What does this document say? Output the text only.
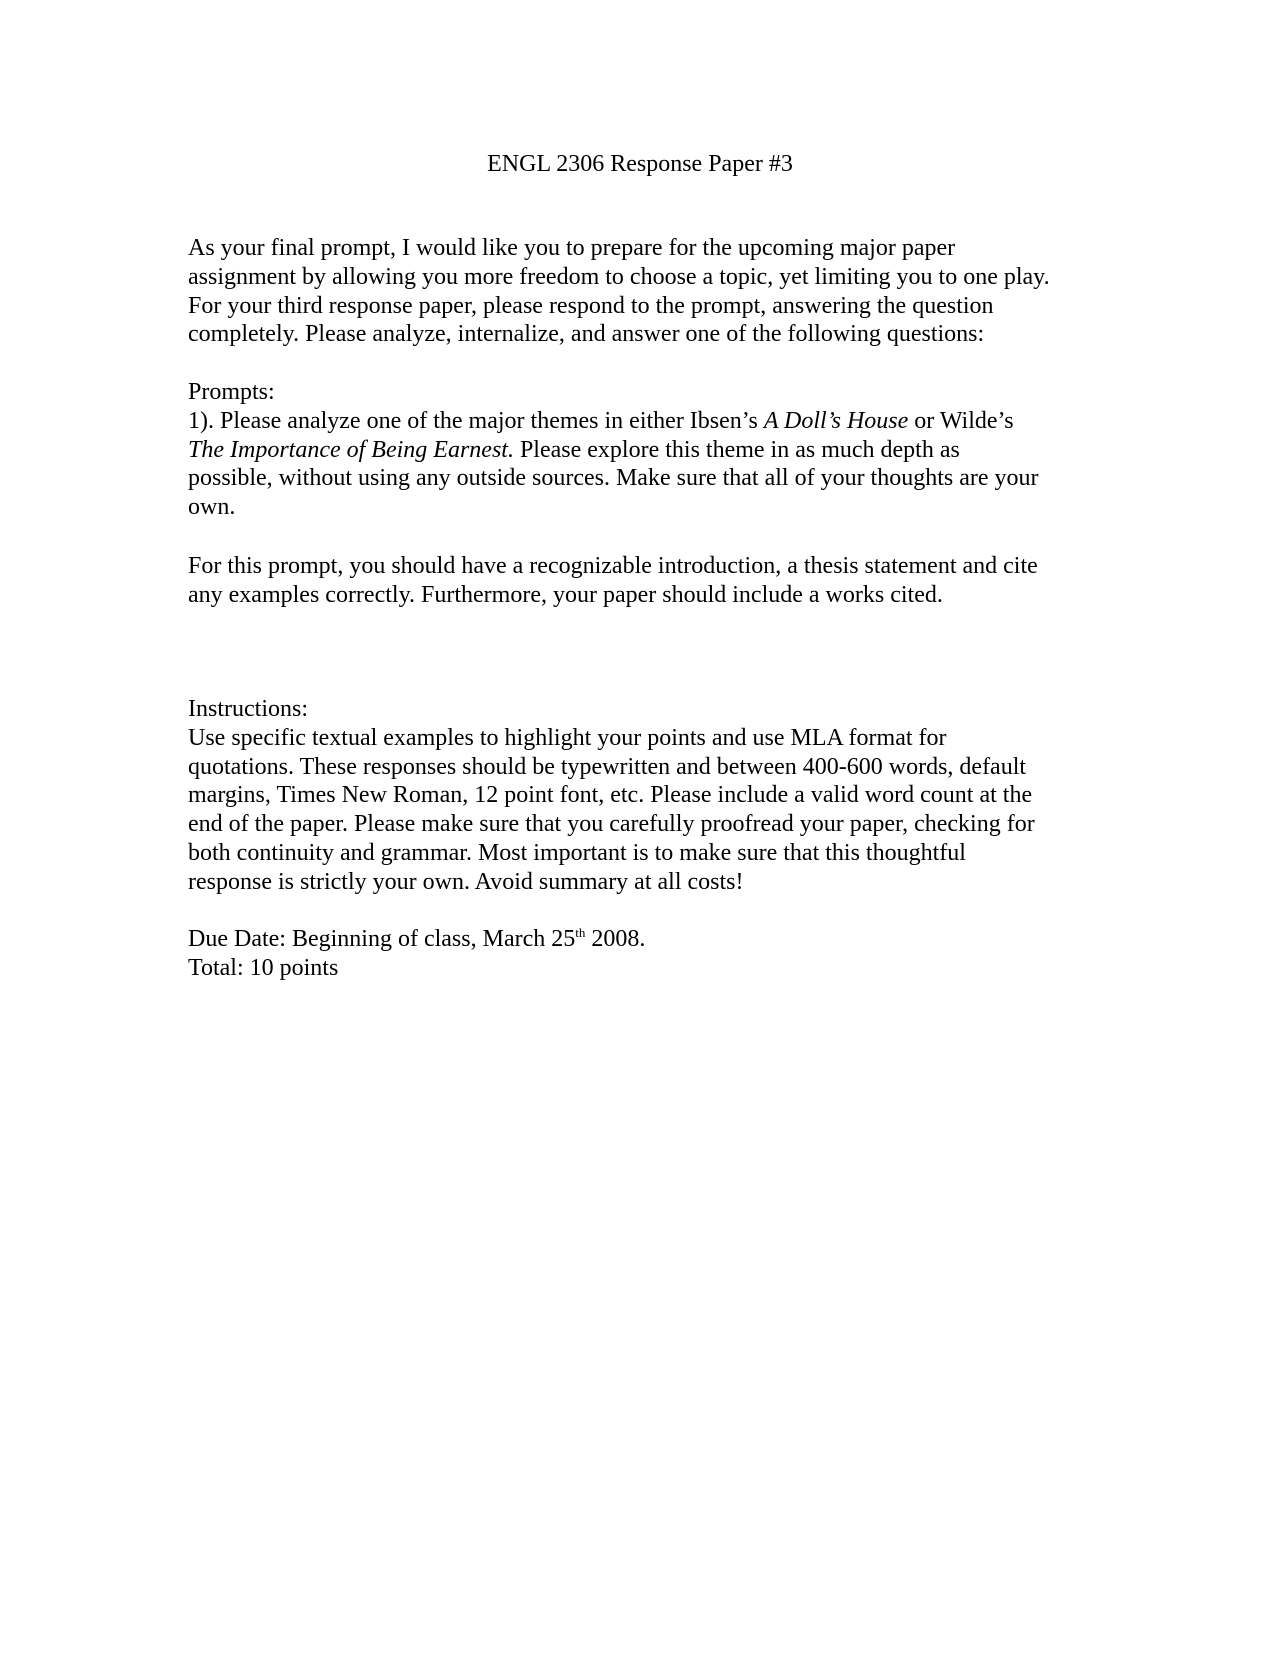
ENGL 2306 Response Paper #3
As your final prompt, I would like you to prepare for the upcoming major paper
assignment by allowing you more freedom to choose a topic, yet limiting you to one play.
For your third response paper, please respond to the prompt, answering the question
completely. Please analyze, internalize, and answer one of the following questions:
Prompts:
1). Please analyze one of the major themes in either Ibsen’s A Doll’s House or Wilde’s
The Importance of Being Earnest. Please explore this theme in as much depth as
possible, without using any outside sources. Make sure that all of your thoughts are your
own.
For this prompt, you should have a recognizable introduction, a thesis statement and cite
any examples correctly. Furthermore, your paper should include a works cited.
Instructions:
Use specific textual examples to highlight your points and use MLA format for
quotations. These responses should be typewritten and between 400-600 words, default
margins, Times New Roman, 12 point font, etc. Please include a valid word count at the
end of the paper. Please make sure that you carefully proofread your paper, checking for
both continuity and grammar. Most important is to make sure that this thoughtful
response is strictly your own. Avoid summary at all costs!
Due Date: Beginning of class, March 25th 2008.
Total: 10 points
